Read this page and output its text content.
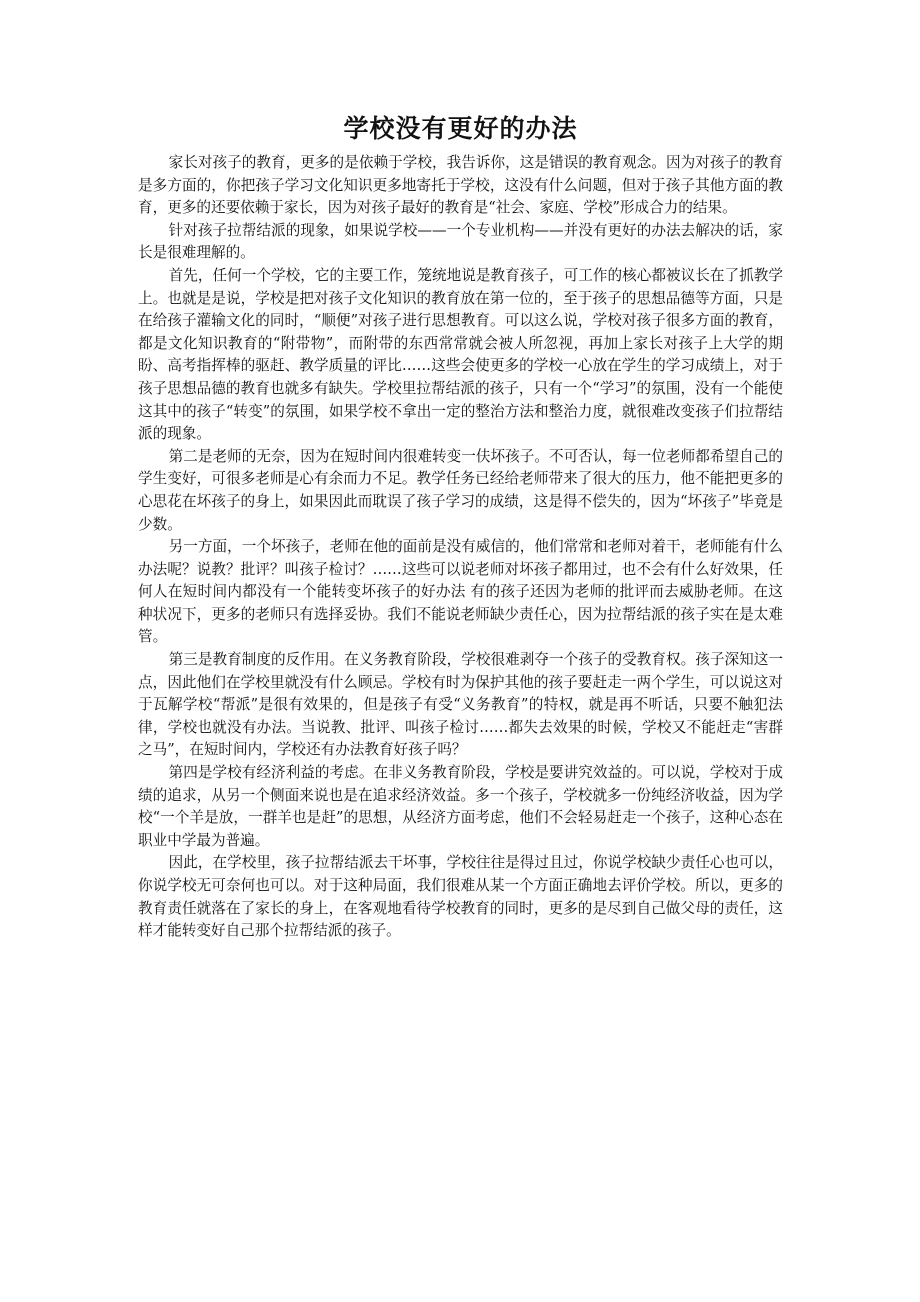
学校没有更好的办法

家长对孩子的教育，更多的是依赖于学校，我告诉你，这是错误的教育观念。因为对孩子的教育是多方面的，你把孩子学习文化知识更多地寄托于学校，这没有什么问题，但对于孩子其他方面的教育，更多的还要依赖于家长，因为对孩子最好的教育是“社会、家庭、学校”形成合力的结果。

针对孩子拉帮结派的现象，如果说学校——一个专业机构——并没有更好的办法去解决的话，家长是很难理解的。

首先，任何一个学校，它的主要工作，笼统地说是教育孩子，可工作的核心都被议长在了抓教学上。也就是是说，学校是把对孩子文化知识的教育放在第一位的，至于孩子的思想品德等方面，只是在给孩子灌输文化的同时，“顺便”对孩子进行思想教育。可以这么说，学校对孩子很多方面的教育，都是文化知识教育的“附带物”，而附带的东西常常就会被人所忽视，再加上家长对孩子上大学的期盼、高考指挥棒的驱赶、教学质量的评比……这些会使更多的学校一心放在学生的学习成绩上，对于孩子思想品德的教育也就多有缺失。学校里拉帮结派的孩子，只有一个“学习”的氛围，没有一个能使这其中的孩子“转变”的氛围，如果学校不拿出一定的整治方法和整治力度，就很难改变孩子们拉帮结派的现象。

第二是老师的无奈，因为在短时间内很难转变一伕坏孩子。不可否认，每一位老师都希望自己的学生变好，可很多老师是心有余而力不足。教学任务已经给老师带来了很大的压力，他不能把更多的心思花在坏孩子的身上，如果因此而耽误了孩子学习的成绩，这是得不偿失的，因为“坏孩子”毕竟是少数。

另一方面，一个坏孩子，老师在他的面前是没有威信的，他们常常和老师对着干，老师能有什么办法呢？说教？批评？叫孩子检讨？……这些可以说老师对坏孩子都用过，也不会有什么好效果，任何人在短时间内都没有一个能转变坏孩子的好办法 有的孩子还因为老师的批评而去威胁老师。在这种状况下，更多的老师只有选择妥协。我们不能说老师缺少责任心，因为拉帮结派的孩子实在是太难管。

第三是教育制度的反作用。在义务教育阶段，学校很难剥夺一个孩子的受教育权。孩子深知这一点，因此他们在学校里就没有什么顾忌。学校有时为保护其他的孩子要赶走一两个学生，可以说这对于瓦解学校“帮派”是很有效果的，但是孩子有受“义务教育”的特权，就是再不听话，只要不触犯法律，学校也就没有办法。当说教、批评、叫孩子检讨……都失去效果的时候，学校又不能赶走“害群之马”，在短时间内，学校还有办法教育好孩子吗？

第四是学校有经济利益的考虑。在非义务教育阶段，学校是要讲究效益的。可以说，学校对于成绩的追求，从另一个侧面来说也是在追求经济效益。多一个孩子，学校就多一份纯经济收益，因为学校“一个羊是放，一群羊也是赶”的思想，从经济方面考虑，他们不会轻易赶走一个孩子，这种心态在职业中学最为普遍。

因此，在学校里，孩子拉帮结派去干坏事，学校往往是得过且过，你说学校缺少责任心也可以，你说学校无可奈何也可以。对于这种局面，我们很难从某一个方面正确地去评价学校。所以，更多的教育责任就落在了家长的身上，在客观地看待学校教育的同时，更多的是尽到自己做父母的责任，这样才能转变好自己那个拉帮结派的孩子。
